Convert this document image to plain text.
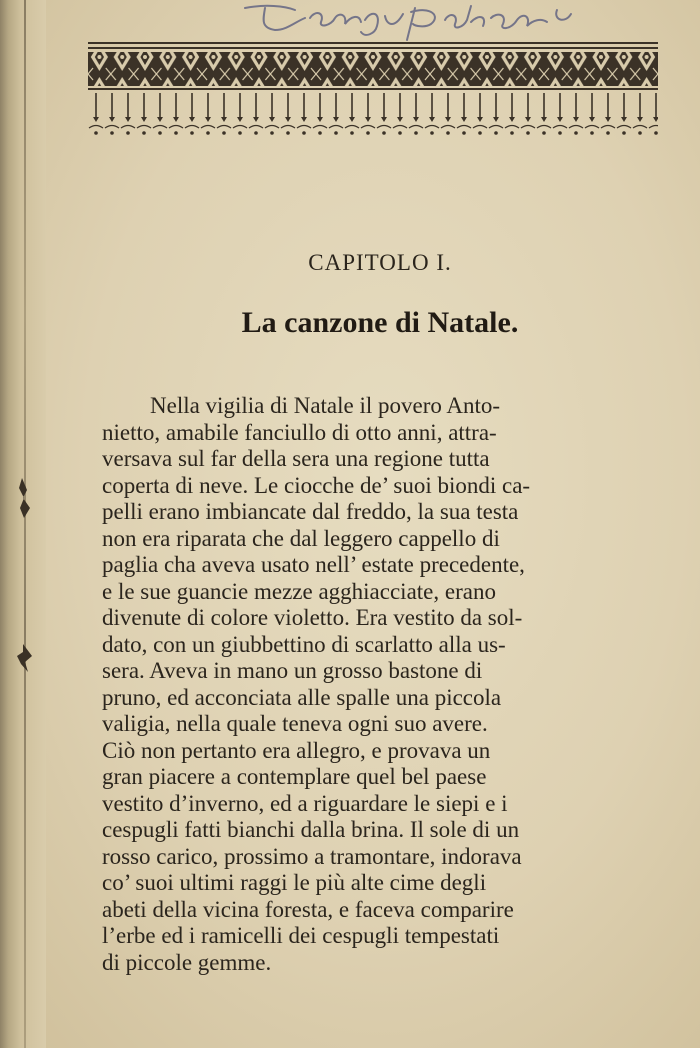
CAPITOLO I.
La canzone di Natale.
Nella vigilia di Natale il povero Anto-
nietto, amabile fanciullo di otto anni, attra-
versava sul far della sera una regione tutta
coperta di neve. Le ciocche de’ suoi biondi ca-
pelli erano imbiancate dal freddo, la sua testa
non era riparata che dal leggero cappello di
paglia cha aveva usato nell’ estate precedente,
e le sue guancie mezze agghiacciate, erano
divenute di colore violetto. Era vestito da sol-
dato, con un giubbettino di scarlatto alla us-
sera. Aveva in mano un grosso bastone di
pruno, ed acconciata alle spalle una piccola
valigia, nella quale teneva ogni suo avere.
Ciò non pertanto era allegro, e provava un
gran piacere a contemplare quel bel paese
vestito d’inverno, ed a riguardare le siepi e i
cespugli fatti bianchi dalla brina. Il sole di un
rosso carico, prossimo a tramontare, indorava
co’ suoi ultimi raggi le più alte cime degli
abeti della vicina foresta, e faceva comparire
l’erbe ed i ramicelli dei cespugli tempestati
di piccole gemme.
